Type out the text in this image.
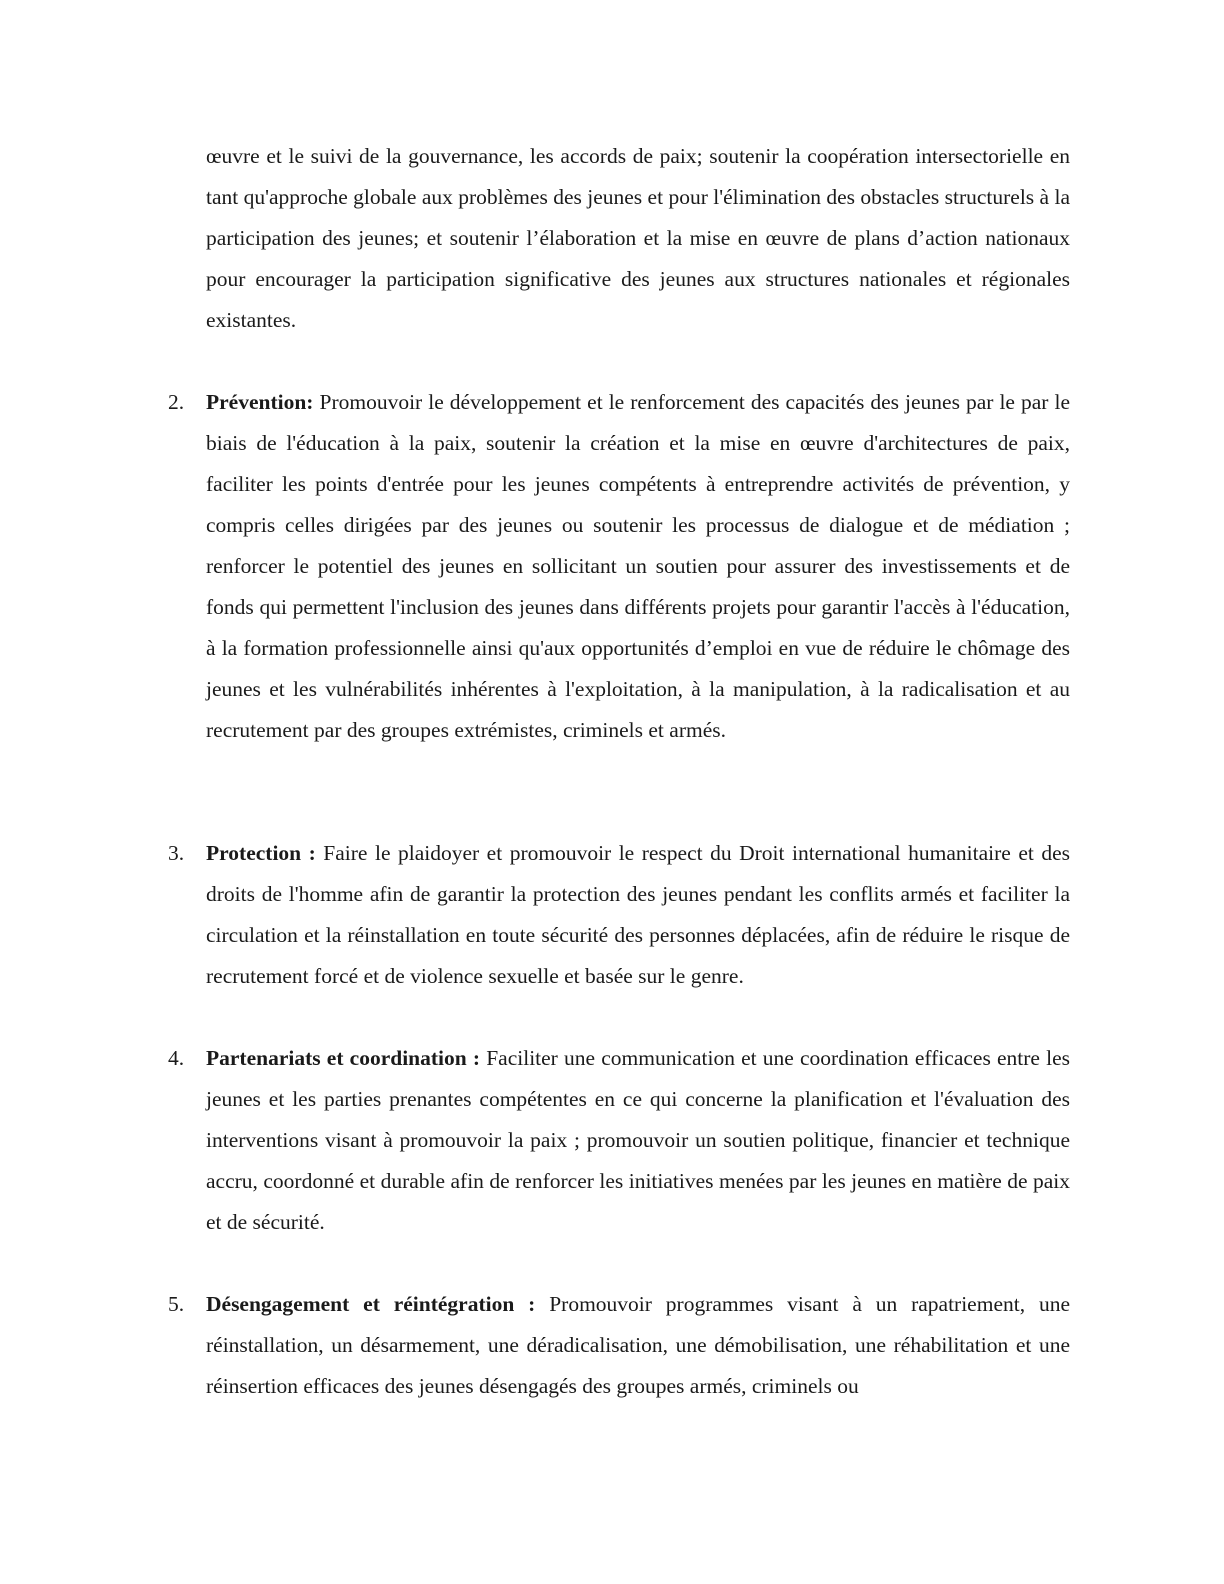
œuvre et le suivi de la gouvernance, les accords de paix; soutenir la coopération intersectorielle en tant qu'approche globale aux problèmes des jeunes et pour l'élimination des obstacles structurels à la participation des jeunes; et soutenir l’élaboration et la mise en œuvre de plans d’action nationaux pour encourager la participation significative des jeunes aux structures nationales et régionales existantes.

2. Prévention: Promouvoir le développement et le renforcement des capacités des jeunes par le par le biais de l'éducation à la paix, soutenir la création et la mise en œuvre d'architectures de paix, faciliter les points d'entrée pour les jeunes compétents à entreprendre activités de prévention, y compris celles dirigées par des jeunes ou soutenir les processus de dialogue et de médiation ; renforcer le potentiel des jeunes en sollicitant un soutien pour assurer des investissements et de fonds qui permettent l'inclusion des jeunes dans différents projets pour garantir l'accès à l'éducation, à la formation professionnelle ainsi qu'aux opportunités d’emploi en vue de réduire le chômage des jeunes et les vulnérabilités inhérentes à l'exploitation, à la manipulation, à la radicalisation et au recrutement par des groupes extrémistes, criminels et armés.

3. Protection : Faire le plaidoyer et promouvoir le respect du Droit international humanitaire et des droits de l'homme afin de garantir la protection des jeunes pendant les conflits armés et faciliter la circulation et la réinstallation en toute sécurité des personnes déplacées, afin de réduire le risque de recrutement forcé et de violence sexuelle et basée sur le genre.

4. Partenariats et coordination : Faciliter une communication et une coordination efficaces entre les jeunes et les parties prenantes compétentes en ce qui concerne la planification et l'évaluation des interventions visant à promouvoir la paix ; promouvoir un soutien politique, financier et technique accru, coordonné et durable afin de renforcer les initiatives menées par les jeunes en matière de paix et de sécurité.

5. Désengagement et réintégration : Promouvoir programmes visant à un rapatriement, une réinstallation, un désarmement, une déradicalisation, une démobilisation, une réhabilitation et une réinsertion efficaces des jeunes désengagés des groupes armés, criminels ou
